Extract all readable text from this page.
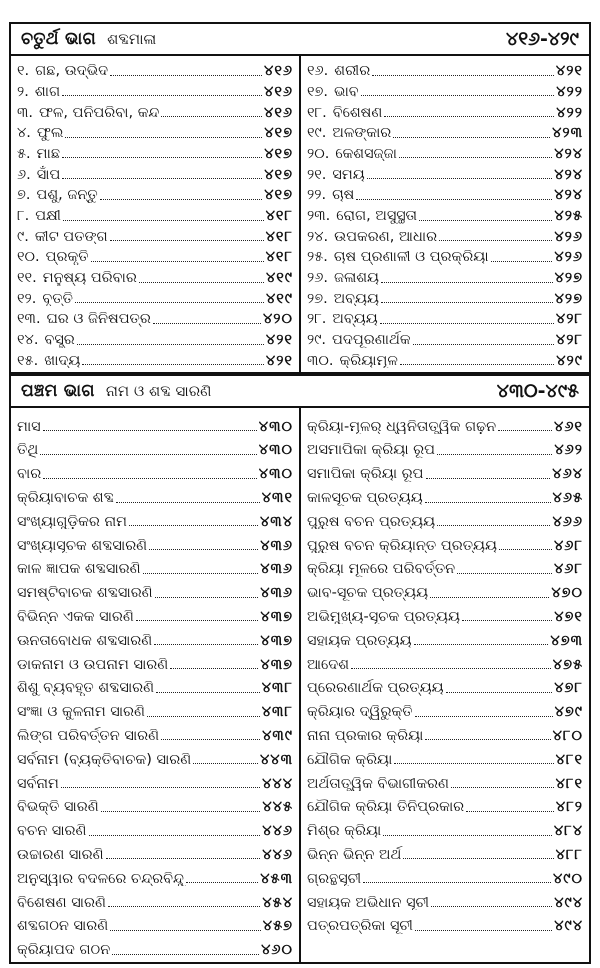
ଚତୁର୍ଥ ଭାଗ ଶବ୍ଦମାଳା	୪୧୬-୪୨୯
୧. ଗଛ, ଉଦ୍‌ଭିଦ	୪୧୬
୨. ଶାଗ	୪୧୬
୩. ଫଳ, ପନିପରିବା, କନ୍ଦ	୪୧୬
୪. ଫୁଲ	୪୧୭
୫. ମାଛ	୪୧୭
୬. ସାଁପ	୪୧୭
୭. ପଶୁ, ଜନ୍ତୁ	୪୧୭
୮. ପକ୍ଷୀ	୪୧୮
୯. କୀଟ ପତଙ୍ଗ	୪୧୮
୧୦. ପ୍ରକୃତି	୪୧୮
୧୧. ମନୁଷ୍ୟ ପରିବାର	୪୧୯
୧୨. ବୃତ୍ତି	୪୧୯
୧୩. ଘର ଓ ଜିନିଷପତ୍ର	୪୨୦
୧୪. ବସ୍ତ୍ର	୪୨୧
୧୫. ଖାଦ୍ୟ	୪୨୧
୧୬. ଶରୀର	୪୨୧
୧୭. ଭାବ	୪୨୨
୧୮. ବିଶେଷଣ	୪୨୨
୧୯. ଅଳଙ୍କାର	୪୨୩
୨୦. କେଶସଜ୍ଜା	୪୨୪
୨୧. ସମୟ	୪୨୪
୨୨. ଚାଷ	୪୨୪
୨୩. ରୋଗ, ଅସୁସ୍ଥତା	୪୨୫
୨୪. ଉପକରଣ, ଆଧାର	୪୨୬
୨୫. ଚାଷ ପ୍ରଣାଳୀ ଓ ପ୍ରକ୍ରିୟା	୪୨୬
୨୬. ଜଳାଶୟ	୪୨୭
୨୭. ଅବ୍ୟୟ	୪୨୭
୨୮. ଅବ୍ୟୟ	୪୨୮
୨୯. ପଦପୂରଣାର୍ଥକ	୪୨୮
୩୦. କ୍ରିୟାମୂଳ	୪୨୯
ପଞ୍ଚମ ଭାଗ ନାମ ଓ ଶବ୍ଦ ସାରଣି	୪୩୦-୪୯୫
ମାସ	୪୩୦
ତିଥି	୪୩୦
ବାର	୪୩୦
କ୍ରିୟାବାଚକ ଶବ୍ଦ	୪୩୧
ସଂଖ୍ୟାଗୁଡ଼ିକର ନାମ	୪୩୪
ସଂଖ୍ୟାସୂଚକ ଶବ୍ଦସାରଣି	୪୩୬
କାଳ ଜ୍ଞାପକ ଶବ୍ଦସାରଣି	୪୩୬
ସମଷ୍ଟିବାଚକ ଶବ୍ଦସାରଣି	୪୩୬
ବିଭିନ୍ନ ଏକକ ସାରଣି	୪୩୭
ଊନତାବୋଧକ ଶବ୍ଦସାରଣି	୪୩୭
ଡାକନାମ ଓ ଉପନାମ ସାରଣି	୪୩୭
ଶିଶୁ ବ୍ୟବହୃତ ଶବ୍ଦସାରଣି	୪୩୮
ସଂଜ୍ଞା ଓ କୁଳନାମ ସାରଣି	୪୩୮
ଲିଙ୍ଗ ପରିବର୍ତ୍ତନ ସାରଣି	୪୩୯
ସର୍ବନାମ (ବ୍ୟକ୍ତିବାଚକ) ସାରଣି	୪୪୩
ସର୍ବନାମ	୪୪୪
ବିଭକ୍ତି ସାରଣି	୪୪୫
ବଚନ ସାରଣି	୪୪୬
ଉଚ୍ଚାରଣ ସାରଣି	୪୪୬
ଅନୁସ୍ୱାର ବଦଳରେ ଚନ୍ଦ୍ରବିନ୍ଦୁ	୪୫୩
ବିଶେଷଣ ସାରଣି	୪୫୪
ଶବ୍ଦଗଠନ ସାରଣି	୪୫୭
କ୍ରିୟାପଦ ଗଠନ	୪୬୦
କ୍ରିୟା-ମୂଳର୍ ଧ୍ୱନିତାତ୍ତ୍ୱିକ ଗଢ଼ନ	୪୬୧
ଅସମାପିକା କ୍ରିୟା ରୂପ	୪୬୨
ସମାପିକା କ୍ରିୟା ରୂପ	୪୬୪
କାଳସୂଚକ ପ୍ରତ୍ୟୟ	୪୬୫
ପୁରୁଷ ବଚନ ପ୍ରତ୍ୟୟ	୪୬୬
ପୁରୁଷ ବଚନ କ୍ରିୟାନ୍ତ ପ୍ରତ୍ୟୟ	୪୬୮
କ୍ରିୟା ମୂଳରେ ପରିବର୍ତ୍ତନ	୪୬୮
ଭାବ-ସୂଚକ ପ୍ରତ୍ୟୟ	୪୭୦
ଅଭିମୁଖ୍ୟ-ସୂଚକ ପ୍ରତ୍ୟୟ	୪୭୧
ସହାୟକ ପ୍ରତ୍ୟୟ	୪୭୩
ଆଦେଶ	୪୭୫
ପ୍ରେରଣାର୍ଥକ ପ୍ରତ୍ୟୟ	୪୭୮
କ୍ରିୟାର ଦ୍ୱିରୁକ୍ତି	୪୭୯
ନାନା ପ୍ରକାର କ୍ରିୟା	୪୮୦
ଯୌଗିକ କ୍ରିୟା	୪୮୧
ଅର୍ଥତାତ୍ତ୍ୱିକ ବିଭାଗୀକରଣ	୪୮୧
ଯୌଗିକ କ୍ରିୟା ତିନିପ୍ରକାର	୪୮୨
ମିଶ୍ର କ୍ରିୟା	୪୮୪
ଭିନ୍ନ ଭିନ୍ନ ଅର୍ଥ	୪୮୮
ଗ୍ରନ୍ଥସୂଚୀ	୪୯୦
ସହାୟକ ଅଭିଧାନ ସୂଚୀ	୪୯୪
ପତ୍ରପତ୍ରିକା ସୂଚୀ	୪୯୪
